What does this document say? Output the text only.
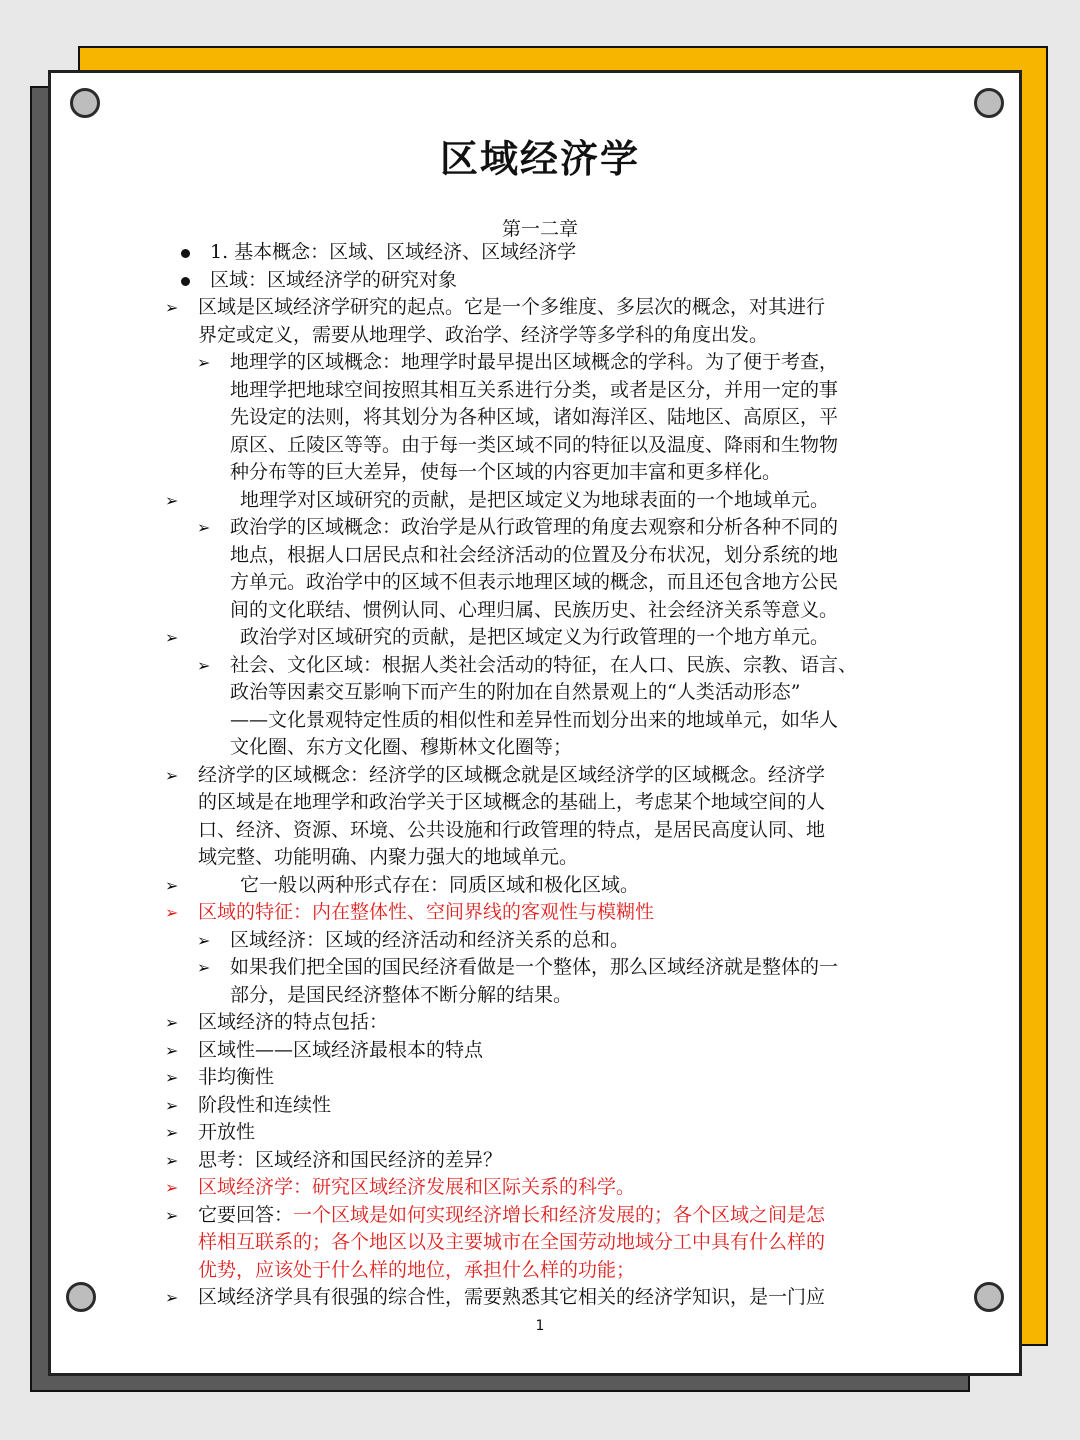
区域经济学
第一二章
1. 基本概念：区域、区域经济、区域经济学
区域：区域经济学的研究对象
➢ 区域是区域经济学研究的起点。它是一个多维度、多层次的概念，对其进行
界定或定义，需要从地理学、政治学、经济学等多学科的角度出发。
➢ 地理学的区域概念：地理学时最早提出区域概念的学科。为了便于考查，
地理学把地球空间按照其相互关系进行分类，或者是区分，并用一定的事
先设定的法则，将其划分为各种区域，诸如海洋区、陆地区、高原区，平
原区、丘陵区等等。由于每一类区域不同的特征以及温度、降雨和生物物
种分布等的巨大差异，使每一个区域的内容更加丰富和更多样化。
➢	地理学对区域研究的贡献，是把区域定义为地球表面的一个地域单元。
➢ 政治学的区域概念：政治学是从行政管理的角度去观察和分析各种不同的
地点，根据人口居民点和社会经济活动的位置及分布状况，划分系统的地
方单元。政治学中的区域不但表示地理区域的概念，而且还包含地方公民
间的文化联结、惯例认同、心理归属、民族历史、社会经济关系等意义。
➢	政治学对区域研究的贡献，是把区域定义为行政管理的一个地方单元。
➢ 社会、文化区域：根据人类社会活动的特征，在人口、民族、宗教、语言、
政治等因素交互影响下而产生的附加在自然景观上的“人类活动形态”
——文化景观特定性质的相似性和差异性而划分出来的地域单元，如华人
文化圈、东方文化圈、穆斯林文化圈等；
➢ 经济学的区域概念：经济学的区域概念就是区域经济学的区域概念。经济学
的区域是在地理学和政治学关于区域概念的基础上，考虑某个地域空间的人
口、经济、资源、环境、公共设施和行政管理的特点，是居民高度认同、地
域完整、功能明确、内聚力强大的地域单元。
➢	它一般以两种形式存在：同质区域和极化区域。
➢ 区域的特征：内在整体性、空间界线的客观性与模糊性
➢ 区域经济：区域的经济活动和经济关系的总和。
➢ 如果我们把全国的国民经济看做是一个整体，那么区域经济就是整体的一
部分，是国民经济整体不断分解的结果。
➢ 区域经济的特点包括：
➢ 区域性——区域经济最根本的特点
➢ 非均衡性
➢ 阶段性和连续性
➢ 开放性
➢ 思考：区域经济和国民经济的差异？
➢ 区域经济学：研究区域经济发展和区际关系的科学。
➢ 它要回答：一个区域是如何实现经济增长和经济发展的；各个区域之间是怎
样相互联系的；各个地区以及主要城市在全国劳动地域分工中具有什么样的
优势，应该处于什么样的地位，承担什么样的功能；
➢ 区域经济学具有很强的综合性，需要熟悉其它相关的经济学知识，是一门应
1
